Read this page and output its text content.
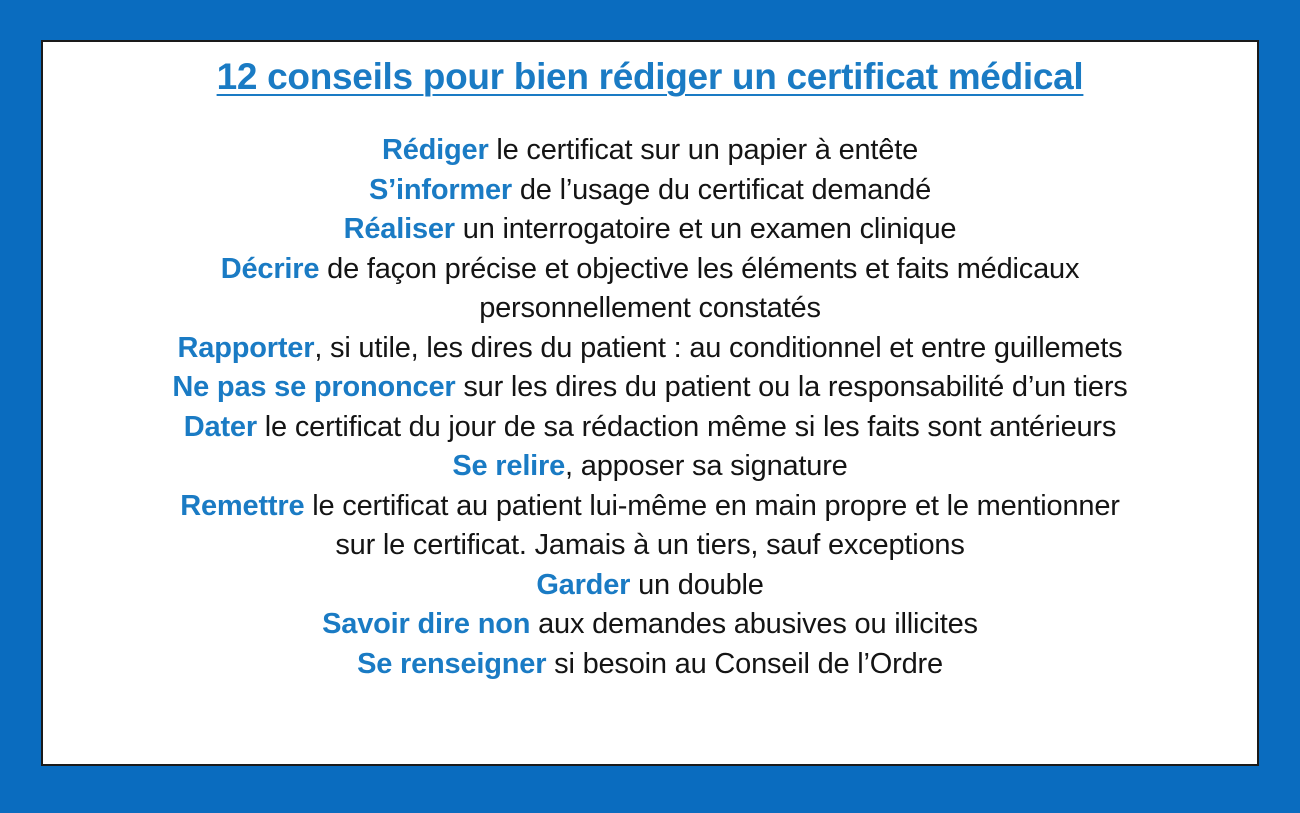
12 conseils pour bien rédiger un certificat médical
Rédiger le certificat sur un papier à entête
S’informer de l’usage du certificat demandé
Réaliser un interrogatoire et un examen clinique
Décrire de façon précise et objective les éléments et faits médicaux
personnellement constatés
Rapporter, si utile, les dires du patient : au conditionnel et entre guillemets
Ne pas se prononcer sur les dires du patient ou la responsabilité d’un tiers
Dater le certificat du jour de sa rédaction même si les faits sont antérieurs
Se relire, apposer sa signature
Remettre le certificat au patient lui-même en main propre et le mentionner
sur le certificat. Jamais à un tiers, sauf exceptions
Garder un double
Savoir dire non aux demandes abusives ou illicites
Se renseigner si besoin au Conseil de l’Ordre
